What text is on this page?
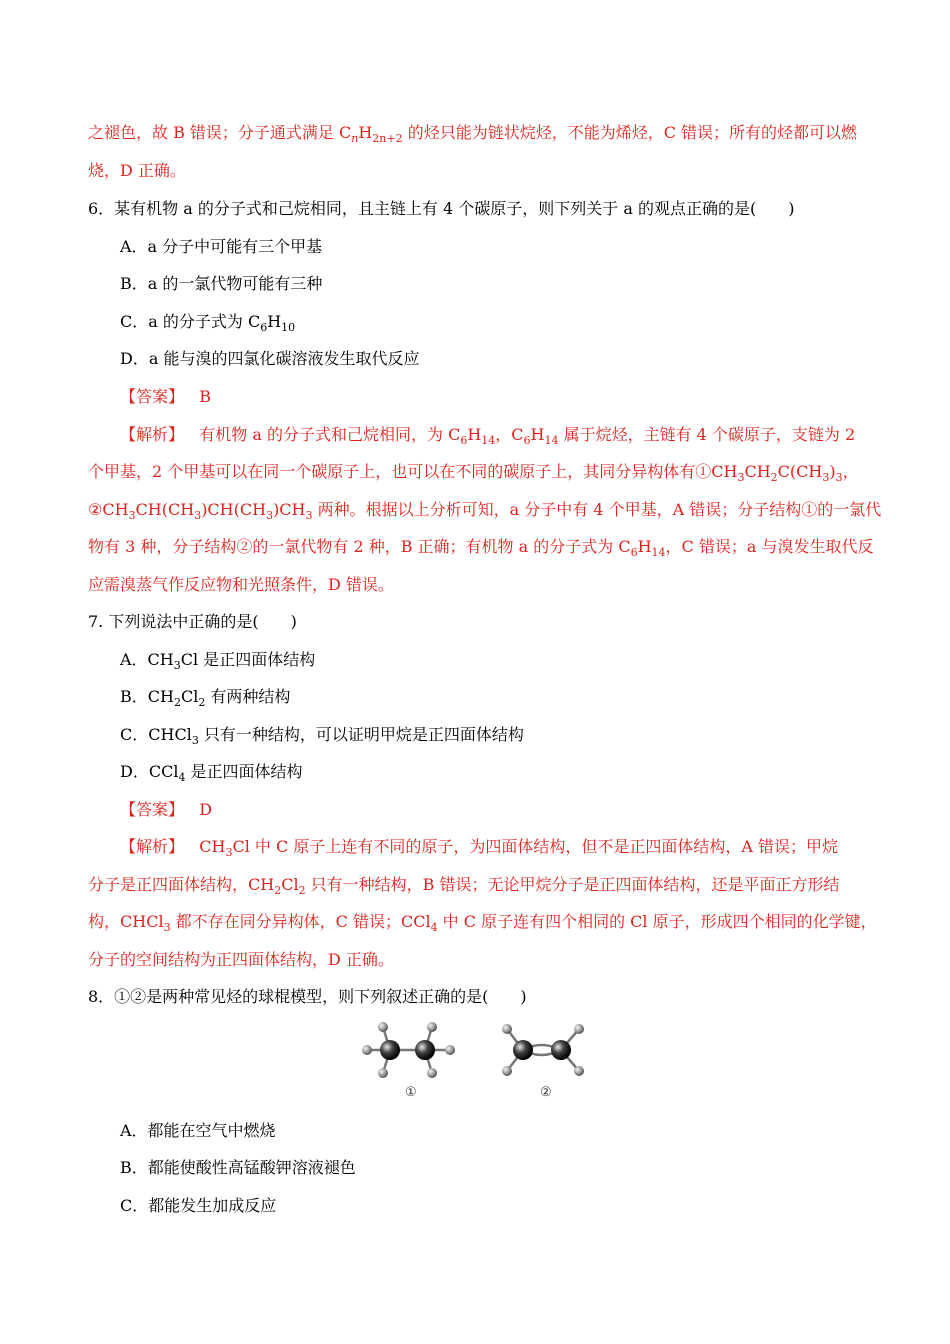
之褪色，故 B 错误；分子通式满足 $C_nH_{2n+2}$ 的烃只能为链状烷烃，不能为烯烃，C 错误；所有的烃都可以燃
烧，D 正确。
6．某有机物 a 的分子式和己烷相同，且主链上有 4 个碳原子，则下列关于 a 的观点正确的是(　　)
A．a 分子中可能有三个甲基
B．a 的一氯代物可能有三种
C．a 的分子式为 $C_6H_{10}$
D．a 能与溴的四氯化碳溶液发生取代反应
【答案】 B
【解析】 有机物 a 的分子式和己烷相同，为 $C_6H_{14}$，$C_6H_{14}$ 属于烷烃，主链有 4 个碳原子，支链为 2
个甲基，2 个甲基可以在同一个碳原子上，也可以在不同的碳原子上，其同分异构体有$①CH_3CH_2C(CH_3)_3$，
$②CH_3CH(CH_3)CH(CH_3)CH_3$ 两种。根据以上分析可知，a 分子中有 4 个甲基，A 错误；分子结构①的一氯代
物有 3 种，分子结构②的一氯代物有 2 种，B 正确；有机物 a 的分子式为 $C_6H_{14}$，C 错误；a 与溴发生取代反
应需溴蒸气作反应物和光照条件，D 错误。
7. 下列说法中正确的是(　　)
A．$CH_3Cl$ 是正四面体结构
B．$CH_2Cl_2$ 有两种结构
C．CHCl$_3$ 只有一种结构，可以证明甲烷是正四面体结构
D．CCl$_4$ 是正四面体结构
【答案】 D
【解析】 $CH_3Cl$ 中 C 原子上连有不同的原子，为四面体结构，但不是正四面体结构，A 错误；甲烷
分子是正四面体结构，$CH_2Cl_2$ 只有一种结构，B 错误；无论甲烷分子是正四面体结构，还是平面正方形结
构，CHCl$_3$ 都不存在同分异构体，C 错误；CCl$_4$ 中 C 原子连有四个相同的 Cl 原子，形成四个相同的化学键，
分子的空间结构为正四面体结构，D 正确。
8．①②是两种常见烃的球棍模型，则下列叙述正确的是(　　)
①	②
A．都能在空气中燃烧
B．都能使酸性高锰酸钾溶液褪色
C．都能发生加成反应
